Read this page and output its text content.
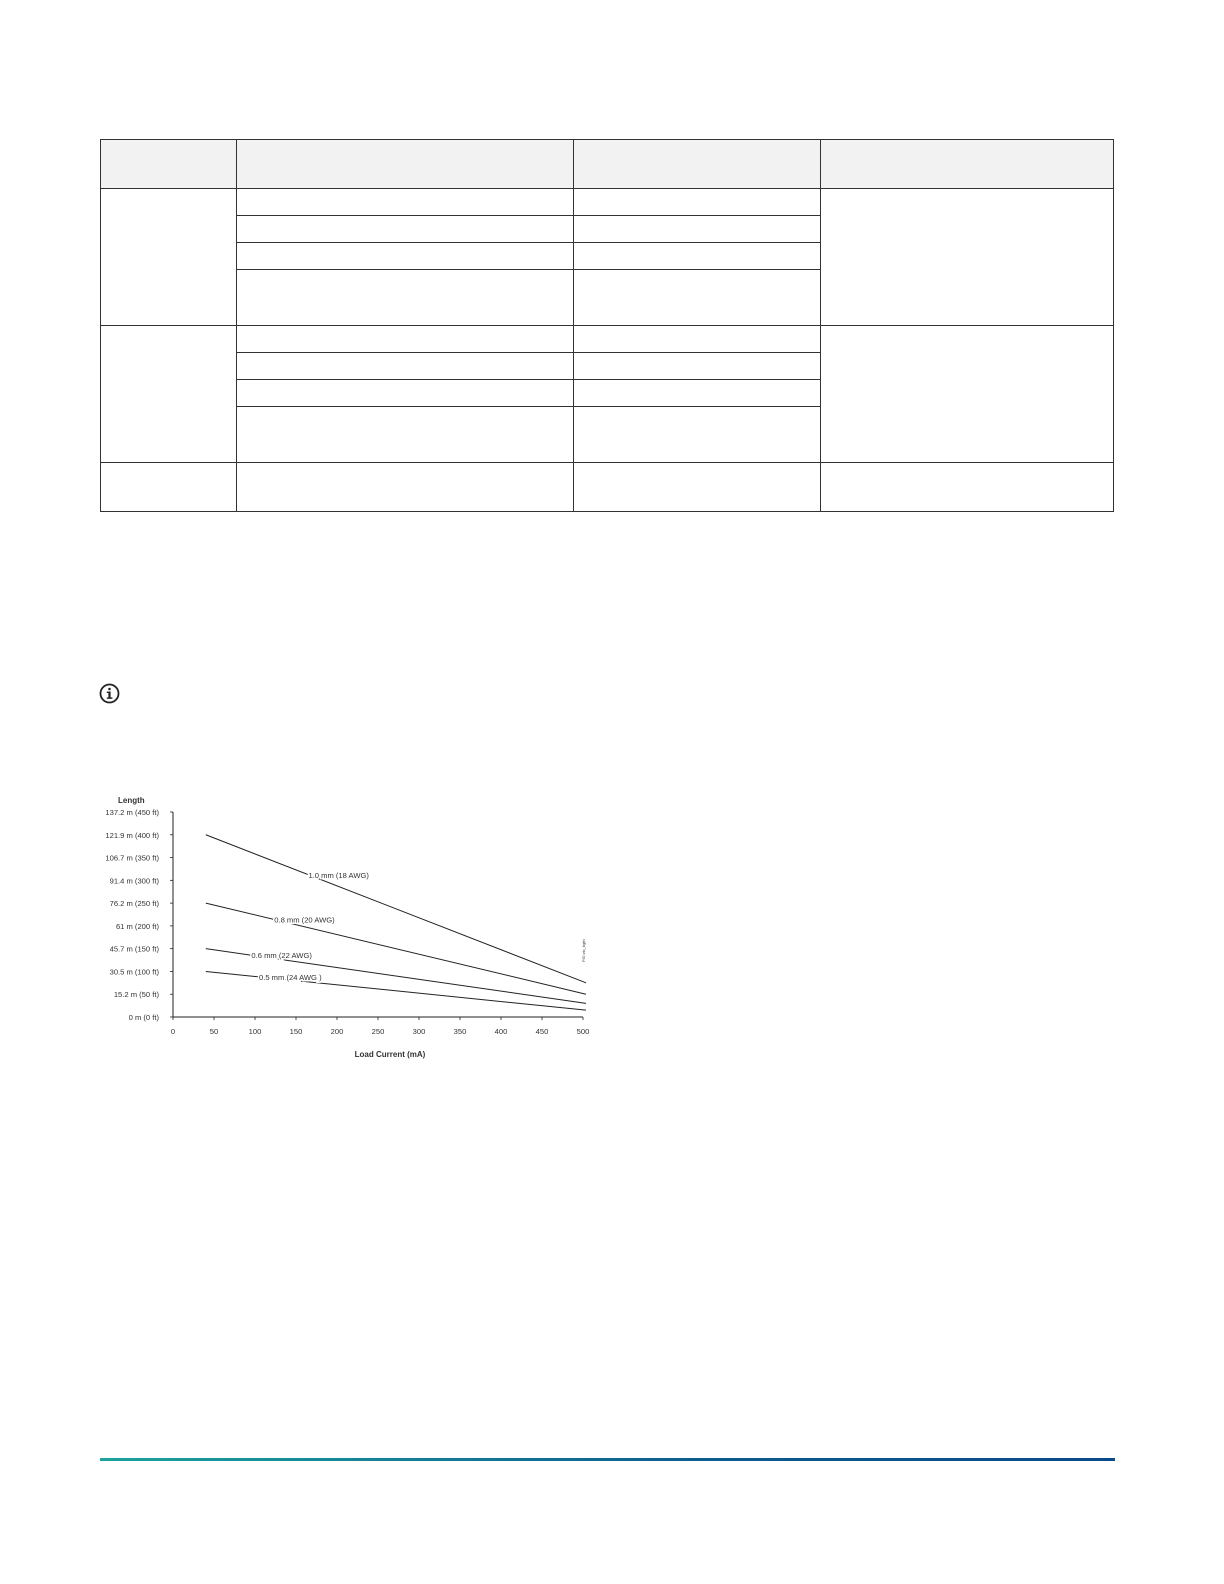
Length
Load Current (mA)
FIG:vic_bgth
0 m (0 ft)
15.2 m (50 ft)
30.5 m (100 ft)
45.7 m (150 ft)
61 m (200 ft)
76.2 m (250 ft)
91.4 m (300 ft)
106.7 m (350 ft)
121.9 m (400 ft)
137.2 m (450 ft)
0	50	100	150	200	250	300	350	400	450	500
1.0 mm (18 AWG)
0.8 mm (20 AWG)
0.6 mm (22 AWG)
0.5 mm (24 AWG )
